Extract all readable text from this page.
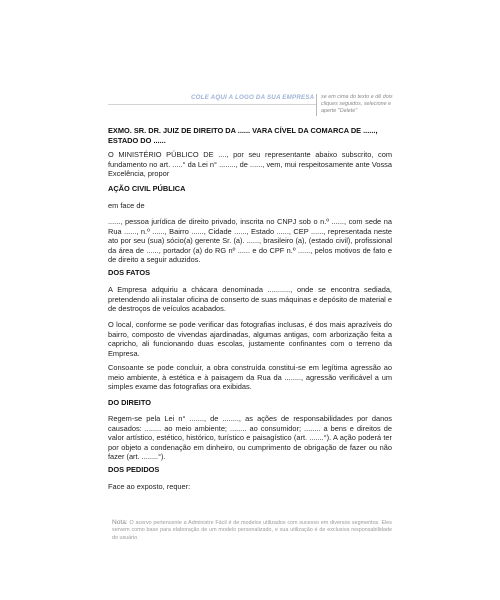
COLE AQUI A LOGO DA SUA EMPRESA se em cima do texto e dê dois
cliques seguidos, selecione e
aperte "Delete"
EXMO. SR. DR. JUIZ DE DIREITO DA ...... VARA CÍVEL DA COMARCA DE ......, ESTADO DO ......
O MINISTÉRIO PÚBLICO DE ...., por seu representante abaixo subscrito, com fundamento no art. .....° da Lei n° ........, de ......, vem, mui respeitosamente ante Vossa Excelência, propor
AÇÃO CIVIL PÚBLICA
em face de
......, pessoa jurídica de direito privado, inscrita no CNPJ sob o n.º ......, com sede na Rua ......, n.º ......, Bairro ......, Cidade ......, Estado ......, CEP ......, representada neste ato por seu (sua) sócio(a) gerente Sr. (a). ......, brasileiro (a), (estado civil), profissional da área de ......, portador (a) do RG nº ...... e do CPF n.º ......, pelos motivos de fato e de direito a seguir aduzidos.
DOS FATOS
A Empresa adquiriu a chácara denominada ..........., onde se encontra sediada, pretendendo ali instalar oficina de conserto de suas máquinas e depósito de material e de destroços de veículos acabados.
O local, conforme se pode verificar das fotografias inclusas, é dos mais aprazíveis do bairro, composto de vivendas ajardinadas, algumas antigas, com arborização feita a capricho, ali funcionando duas escolas, justamente confinantes com o terreno da Empresa.
Consoante se pode concluir, a obra construída constitui-se em legítima agressão ao meio ambiente, à estética e à paisagem da Rua da ........, agressão verificável a um simples exame das fotografias ora exibidas.
DO DIREITO
Regem-se pela Lei n° ......., de ........, as ações de responsabilidades por danos causados: ........ ao meio ambiente; ........ ao consumidor; ........ a bens e direitos de valor artístico, estético, histórico, turístico e paisagístico (art. .......°). A ação poderá ter por objeto a condenação em dinheiro, ou cumprimento de obrigação de fazer ou não fazer (art. ........°).
DOS PEDIDOS
Face ao exposto, requer:
Nota: O acervo pertencente a Administre Fácil é de modelos utilizados com sucesso em diversos segmentos. Eles servem como base para elaboração de um modelo personalizado, e sua utilização é de exclusiva responsabilidade do usuário.
